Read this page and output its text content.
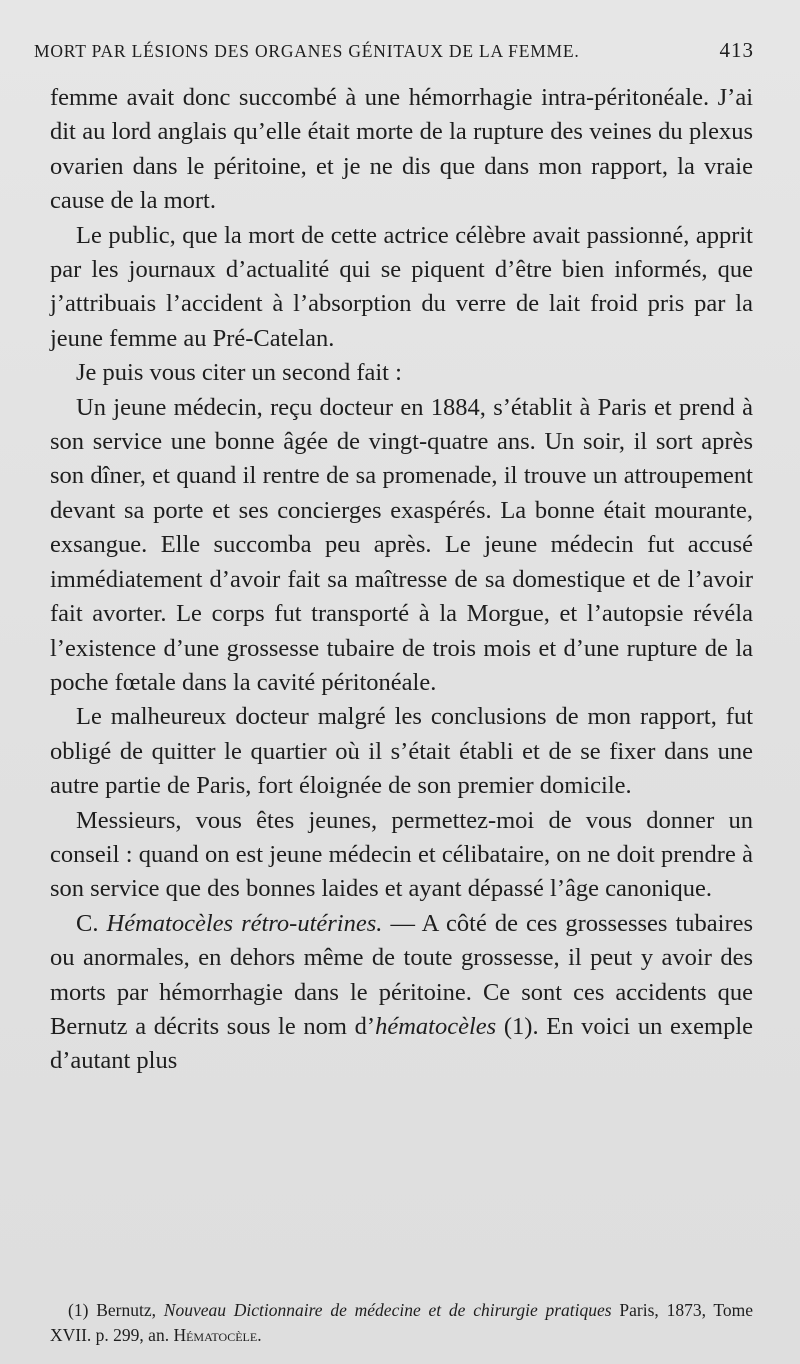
MORT PAR LÉSIONS DES ORGANES GÉNITAUX DE LA FEMME.	413

femme avait donc succombé à une hémorrhagie intra-péritonéale. J’ai dit au lord anglais qu’elle était morte de la rupture des veines du plexus ovarien dans le péritoine, et je ne dis que dans mon rapport, la vraie cause de la mort.

Le public, que la mort de cette actrice célèbre avait passionné, apprit par les journaux d’actualité qui se piquent d’être bien informés, que j’attribuais l’accident à l’absorption du verre de lait froid pris par la jeune femme au Pré-Catelan.

Je puis vous citer un second fait :

Un jeune médecin, reçu docteur en 1884, s’établit à Paris et prend à son service une bonne âgée de vingt-quatre ans. Un soir, il sort après son dîner, et quand il rentre de sa promenade, il trouve un attroupement devant sa porte et ses concierges exaspérés. La bonne était mourante, exsangue. Elle succomba peu après. Le jeune médecin fut accusé immédiatement d’avoir fait sa maîtresse de sa domestique et de l’avoir fait avorter. Le corps fut transporté à la Morgue, et l’autopsie révéla l’existence d’une grossesse tubaire de trois mois et d’une rupture de la poche fœtale dans la cavité péritonéale.

Le malheureux docteur malgré les conclusions de mon rapport, fut obligé de quitter le quartier où il s’était établi et de se fixer dans une autre partie de Paris, fort éloignée de son premier domicile.

Messieurs, vous êtes jeunes, permettez-moi de vous donner un conseil : quand on est jeune médecin et célibataire, on ne doit prendre à son service que des bonnes laides et ayant dépassé l’âge canonique.

C. Hématocèles rétro-utérines. — A côté de ces grossesses tubaires ou anormales, en dehors même de toute grossesse, il peut y avoir des morts par hémorrhagie dans le péritoine. Ce sont ces accidents que Bernutz a décrits sous le nom d’hématocèles (1). En voici un exemple d’autant plus

(1) Bernutz, Nouveau Dictionnaire de médecine et de chirurgie pratiques Paris, 1873, Tome XVII. p. 299, an. Hématocèle.
